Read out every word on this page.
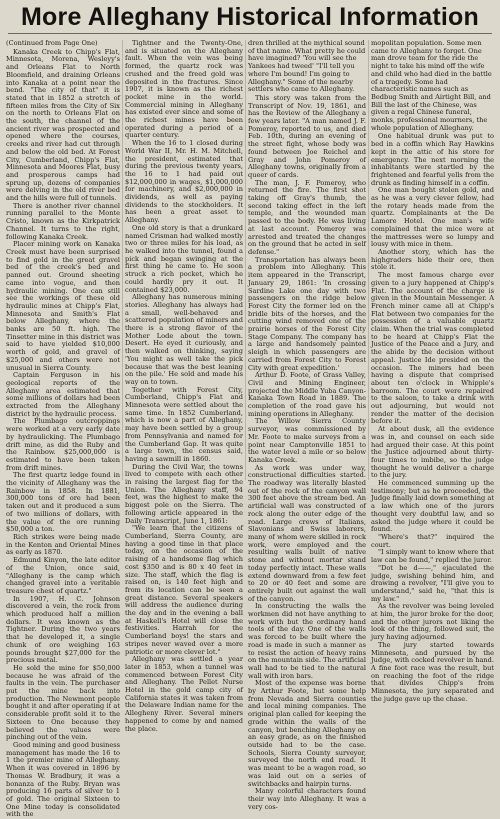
More Alleghany Historical Information

(Continued from Page One)

Kanaka Creek to Chipp's Flat, Minnesota, Morena, Wesleyy's and Orleans Flat to North Bloomfield, and draining Orleans into Kanaka at a point near the bend. "The city of that" it is stated that in 1852 a stretch of fifteen miles from the City of Six on the north to Orleans Flat on the south, the channel of the ancient river was prospected and opened where the courses, creeks and river had cut through and below the old bed. At Forest City, Cumberland, Chipp's Flat, Minnesota and Moores Flat, busy and prosperous camps had sprung up, dozens of companies were delving in the old river bed and the hills were full of tunnels.

There is another river channel running parallel to the Monte Cristo, known as the Kirkpatrick Channel. It turns to the right, following Kanaka Creek.

Placer mining work on Kanaka Creek must have been surprised to find gold in the great gravel bed of the creek's bed and panned out. Ground sheeting came into vogue, and then hydraulic mining. One can still see the workings of these old hydraulic mines at Chipp's Flat, Minnesota and Smith's Flat below Alleghany, where the banks are 50 ft. high. The Tinsetter mine in this district was said to have yielded $10,000 worth of gold, and gravel of $25,000 and others were not unusual in Sierra County.

Captain Ferguson in his geological reports of the Alleghany area estimated that some millions of dollars had been extracted from the Alleghany district by the hydraulic process.

The Plumbago outcroppings were worked at a very early date by hydraulicking. The Plumbago drift mine, as did the Ruby and the Rainbow. $25,000,000 is estimated to have been taken from drift mines.

The first quartz ledge found in the vicinity of Alleghany was the Rainbow in 1858. In 1881, 300,000 tons of ore had been taken out and it produced a sum of two millions of dollars, with the value of the ore running $50,000 a ton.

Rich strikes were being made in the Kenton and Oriental Mines as early as 1870.

Edmund Kinyon, the late editor of the Union, once said, "Alleghany is the camp which changed gravel into a veritable treasure chest of quartz."

In 1907, H. C. Johnson discovered a vein, the rock from which produced half a million dollars. It was known as the Tightner. During the two years that he developed it, a single chunk of ore weighing 163 pounds brought $27,000 for the precious metal.

He sold the mine for $50,000 because he was afraid of the faults in the vein. The purchaser put the mine back into production. The Newmont people bought it and after operating it at considerable profit sold it to the Sixteen to One because they believed the values were pinching out of the vein.

Good mining and good business management has made the 16 to 1 the premier mine of Alleghany. When it was covered in 1896 by Thomas W. Bradbury, it was a bonanza of the Ruby. Bryan was producing 16 parts of silver to 1 of gold. The original Sixteen to One Mine today is consolidated with the

Tightner and the Twenty-One, and is situated on the Alleghany fault. When the vein was being formed, the quartz rock was crushed and the freed gold was deposited in the fractures. Since 1907, it is known as the richest pocket mine in the world. Commercial mining in Alleghany has existed ever since and some of the richest mines have been operated during a period of a quarter century.

When the 16 to 1 closed during World War II, Mr. H. M. Mitchell, the president, estimated that during the previous twenty years, the 16 to 1 had paid out $12,000,000 in wages, $1,000,000 for machinery, and $2,000,000 in dividends, as well as paying dividends to the stockholders. It has been a great asset to Alleghany.

One old story is that a drunkard named Crisman had walked mostly two or three miles for his load, as he walked into the tunnel, found a pick and began swinging at the first thing he came to. He soon struck a rich pocket, which he could hardly pry it out. It contained $23,000.

Alleghany has numerous mining stories. Alleghany has always had a small, well-behaved and scattered population of miners and there is a strong flavor of the Mother Lode about the town. Desert. He eyed it curiously, and then walked on thinking, saying 'You might as well take the pick because that was the best leaning on the pile.' He sold and made his way on to town.

Together with Forest City, Cumberland, Chipp's Flat and Minnesota were settled about the same time. In 1852 Cumberland, which is now a part of Alleghany, may have been settled by a group from Pennsylvania and named for the Cumberland Gap. It was quite a large town, the census said, having a sawmill in 1860.

During the Civil War, the towns lived to compete with each other in raising the largest flag for the Union. The Alleghany staff, 94 feet, was the highest to make the biggest pole on the Sierra. The following article appeared in the Daily Transcript, June 1, 1861:

"We learn that the citizens of Cumberland, Sierra County, are having a good time in that place today, on the occasion of the raising of a handsome flag which cost $350 and is 80 x 40 feet in size. The staff, which the flag is raised on, is 140 feet high and from its location can be seen a great distance. Several speakers will address the audience during the day and in the evening a ball at Haskell's Hotel will close the festivities. Harrah for the Cumberland boys! the stars and stripes never waved over a more patriotic or more clever lot."

Alleghany was settled a year later in 1853, when a tunnel was commenced between Forest City and Alleghany. The Pellet Nurse Hotel in the gold camp city of California states it was taken from the Delaware Indian name for the Allegheny River. Several miners happened to come by and named the place.

dren thrilled at the mythical sound of that name. What pretty he could have imagined? 'You will see the Yankees had tweed' "I'll tell you where I'm bound! I'm going to Alleghany." Some of the nearby settlers who came to Alleghany.

This story was taken from the Transcript of Nov. 19, 1861, and has the Review of the Alleghany a few years later. "A man named J. F. Pomeroy, reported to us, and died Feb. 10th, during an evening of the street fight, whose body was found between Joe Reichel and Gray and John Pomeroy of Alleghany towns, originally from a queer of cards.

The man, J. F. Pomeroy, who returned the fire. The first shot taking off Gray's thumb, the second taking effect in the left temple, and the wounded man passed to the body. He was living at last account. Pomeroy was arrested and treated the changes on the ground that he acted in self defense."

Transportation has always been a problem into Alleghany. This item appeared in the Transcript, January 29, 1861: 'In crossing Sardine Lake one day with two passengers on the ridge below Forest City the former led on the bridle bits of the horses, and the cutting wind removed one of the prairie horses of the Forest City Stage Company. The company has a large and handsomely painted sleigh in which passengers are carried from Forest City to Forest City with great expedition.'

Arthur D. Foote, of Grass Valley, Civil and Mining Engineer, projected the Middle Yuba Canyon-Kanaka Town Road in 1889. The completion of the road gave his mining operations in Alleghany.

The Willow Sierra County surveyor, was commissioned by Mr. Foote to make surveys from a point near Camptonville 1851 to the water level a mile or so below Kanaka Creek.

As work was under way, constructional difficulties started. The roadway was literally blasted out of the rock of the canyon wall 300 feet above the stream bed. An artificial wall was constructed of rock along the outer edge of the road. Large crews of Italians, Slavonians and Swiss laborers, many of whom were skilled in rock work, were employed and the resulting walls built of native stone and without mortar stand today perfectly intact. These walls extend downward from a few feet to 20 or 40 feet and some are entirely built out against the wall of the canyon.

In constructing the walls the workmen did not have anything to work with but the ordinary hand tools of the day. One of the walls was forced to be built where the road is made in such a manner as to resist the action of heavy rains on the mountain side. The artificial wall had to be tied to the natural wall with iron bars.

Most of the expense was borne by Arthur Foote, but some help from Nevada and Sierra counties and local mining companies. The original plan called for keeping the grade within the walls of the canyon, but benching Alleghany on an easy grade, as on the finished outside had to be the case. Schools, Sierra County surveyor, surveyed the north end road. It was meant to be a wagon road, so was laid out on a series of switchbacks and hairpin turns.

Many colorful characters found their way into Alleghany. It was a very cos-

mopolitan population. Some men came to Alleghany to forget. One man drove team for the ride the night to take his mind off the wife and child who had died in the battle of a tragedy. Some had characteristic names such as Bedbug Smith and Airtight Bill, and Bill the last of the Chinese, was given a regal Chinese funeral, monks, professional mourners, the whole population of Alleghany.

One habitual drunk was put to bed in a coffin which Ray Hawkins kept in the attic of his store for emergency. The next morning the inhabitants were startled by the frightened and fearful yells from the drunk as finding himself in a coffin.

One man bought stolen gold, and as he was a very clever fellow, had the rotary heads made from the quartz. Complainants at the De Lamore Hotel. One man's wife complained that the mice were at the mattresses were so lumpy and lousy with mice in them.

Another story, which has the highgraders hide their ore, then stole it.

The most famous charge ever given to a jury happened at Chipp's Flat. The account of the charge is given in the Mountain Messenger. A French miner came all at Chipp's Flat between two companies for the possession of a valuable quartz claim. When the trial was completed to be heard at Chipp's Flat the Justice of the Peace and a Jury, and the abide by the decision without appeal. Justice Ide presided on the occasion. The miners had been having a dispute that comprised about ten o'clock in Whipple's barroom. The court were repaired to the saloon, to take a drink with out adjourning, but would not render the matter of the decision before it.

At about dusk, all the evidence was in, and counsel on each side had argued their case. At this point the Justice adjourned about thirty-four times to imbibe, so the judge thought he would deliver a charge to the jury.

He commenced summing up the testimony; but as he proceeded, the Judge finally laid down something at a law which one of the jurors thought very doubtful law, and so asked the judge where it could be found.

"Where's that?" inquired the court.

"I simply want to know where that law can be found," replied the juror.

"Dot be d——," ejaculated the judge, swishing behind him, and drawing a revolver, "I'll give you to understand," said he, "that this is my law."

As the revolver was being leveled at him, the juror broke for the door, and the other jurors not liking the look of the thing, followed suit, the jury having adjourned.

The jury started towards Minnesota, and pursued by the Judge, with cocked revolver in hand. A fine foot race was the result, but on reaching the foot of the ridge that divides Chipp's from Minnesota, the jury separated and the judge gave up the chase.
